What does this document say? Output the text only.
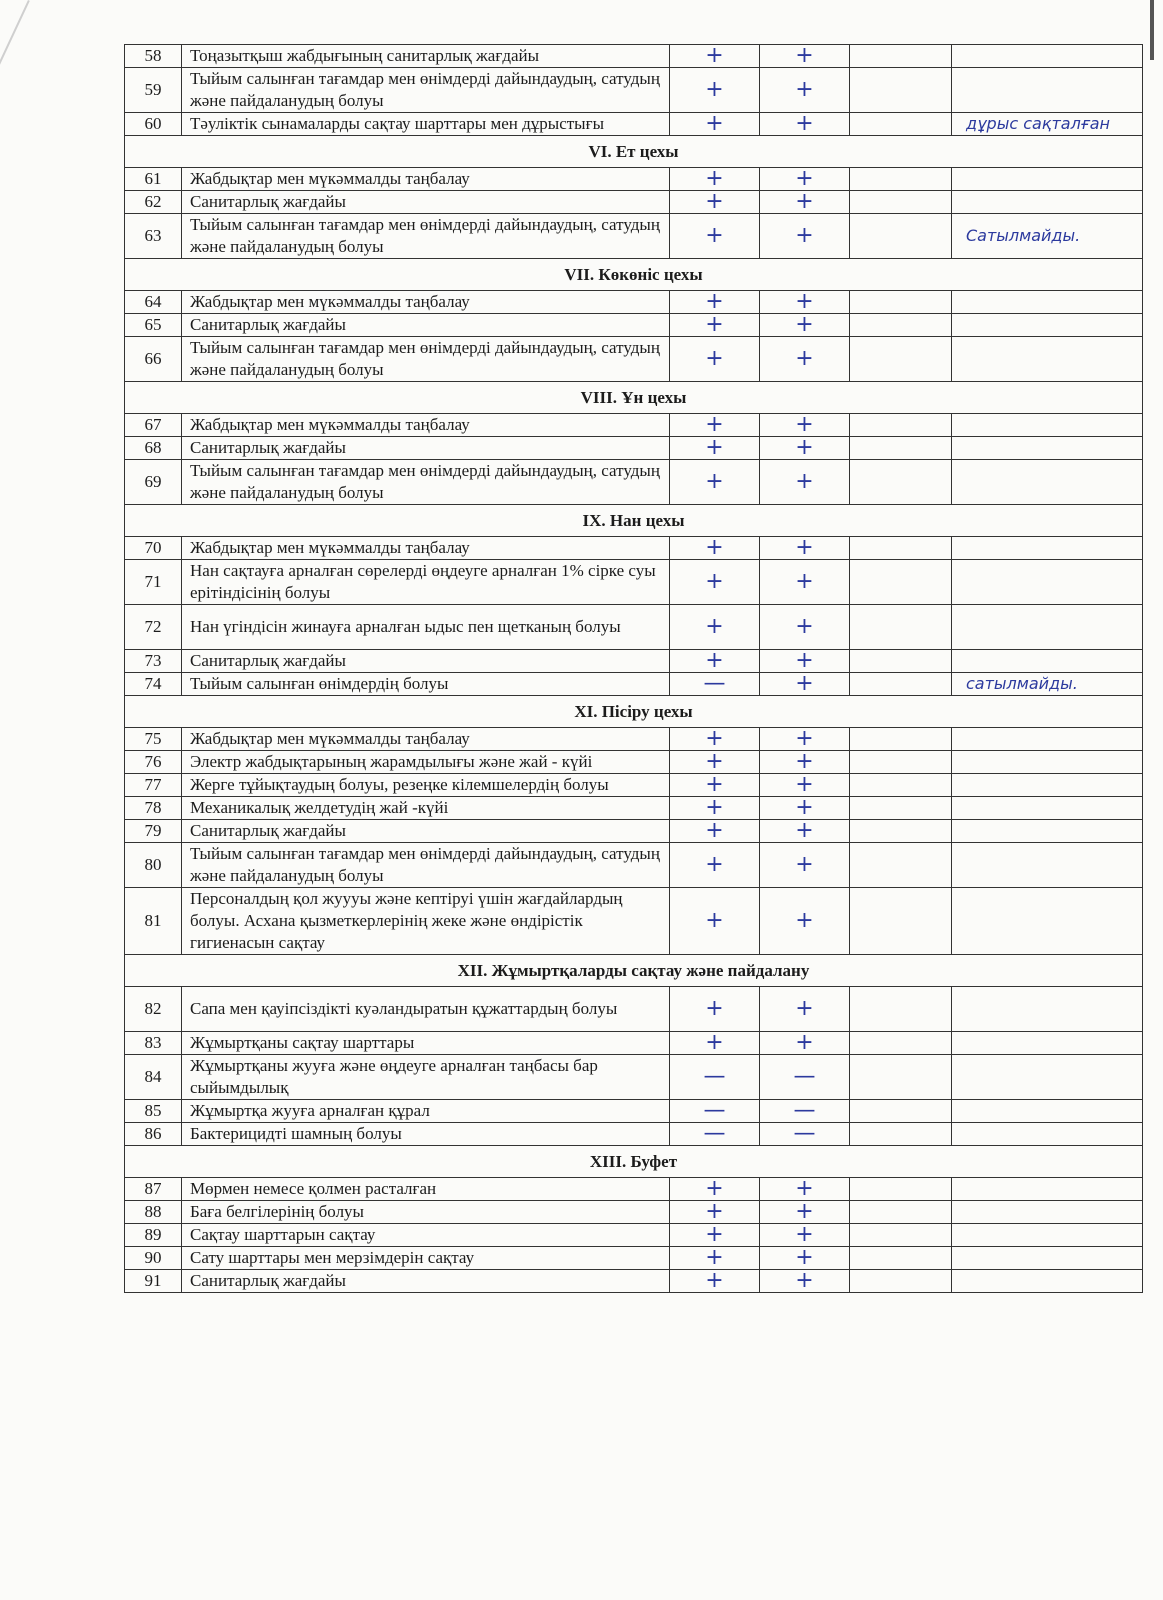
58	Тоңазытқыш жабдығының санитарлық жағдайы	+	+		
59	Тыйым салынған тағамдар мен өнімдерді дайындаудың, сатудың және пайдаланудың болуы	+	+		
60	Тәуліктік сынамаларды сақтау шарттары мен дұрыстығы	+	+		дұрыс сақталған
VI. Ет цехы					
61	Жабдықтар мен мүкәммалды таңбалау	+	+		
62	Санитарлық жағдайы	+	+		
63	Тыйым салынған тағамдар мен өнімдерді дайындаудың, сатудың және пайдаланудың болуы	+	+		Сатылмайды.
VII. Көкөніс цехы					
64	Жабдықтар мен мүкәммалды таңбалау	+	+		
65	Санитарлық жағдайы	+	+		
66	Тыйым салынған тағамдар мен өнімдерді дайындаудың, сатудың және пайдаланудың болуы	+	+		
VIII. Ұн цехы					
67	Жабдықтар мен мүкәммалды таңбалау	+	+		
68	Санитарлық жағдайы	+	+		
69	Тыйым салынған тағамдар мен өнімдерді дайындаудың, сатудың және пайдаланудың болуы	+	+		
IX. Нан цехы					
70	Жабдықтар мен мүкәммалды таңбалау	+	+		
71	Нан сақтауға арналған сөрелерді өңдеуге арналған 1% сірке суы ерітіндісінің болуы	+	+		
72	Нан үгіндісін жинауға арналған ыдыс пен щетканың болуы	+	+		
73	Санитарлық жағдайы	+	+		
74	Тыйым салынған өнімдердің болуы	—	+		сатылмайды.
XI. Пісіру цехы					
75	Жабдықтар мен мүкәммалды таңбалау	+	+		
76	Электр жабдықтарының жарамдылығы және жай - күйі	+	+		
77	Жерге тұйықтаудың болуы, резеңке кілемшелердің болуы	+	+		
78	Механикалық желдетудің жай -күйі	+	+		
79	Санитарлық жағдайы	+	+		
80	Тыйым салынған тағамдар мен өнімдерді дайындаудың, сатудың және пайдаланудың болуы	+	+		
81	Персоналдың қол жуууы және кептіруі үшін жағдайлардың болуы. Асхана қызметкерлерінің жеке және өндірістік гигиенасын сақтау	+	+		
XII. Жұмыртқаларды сақтау және пайдалану					
82	Сапа мен қауіпсіздікті куәландыратын құжаттардың болуы	+	+		
83	Жұмыртқаны сақтау шарттары	+	+		
84	Жұмыртқаны жууға және өңдеуге арналған таңбасы бар сыйымдылық	—	—		
85	Жұмыртқа жууға арналған құрал	—	—		
86	Бактерицидті шамның болуы	—	—		
XIII. Буфет					
87	Мөрмен немесе қолмен расталған	+	+		
88	Баға белгілерінің болуы	+	+		
89	Сақтау шарттарын сақтау	+	+		
90	Сату шарттары мен мерзімдерін сақтау	+	+		
91	Санитарлық жағдайы	+	+		
